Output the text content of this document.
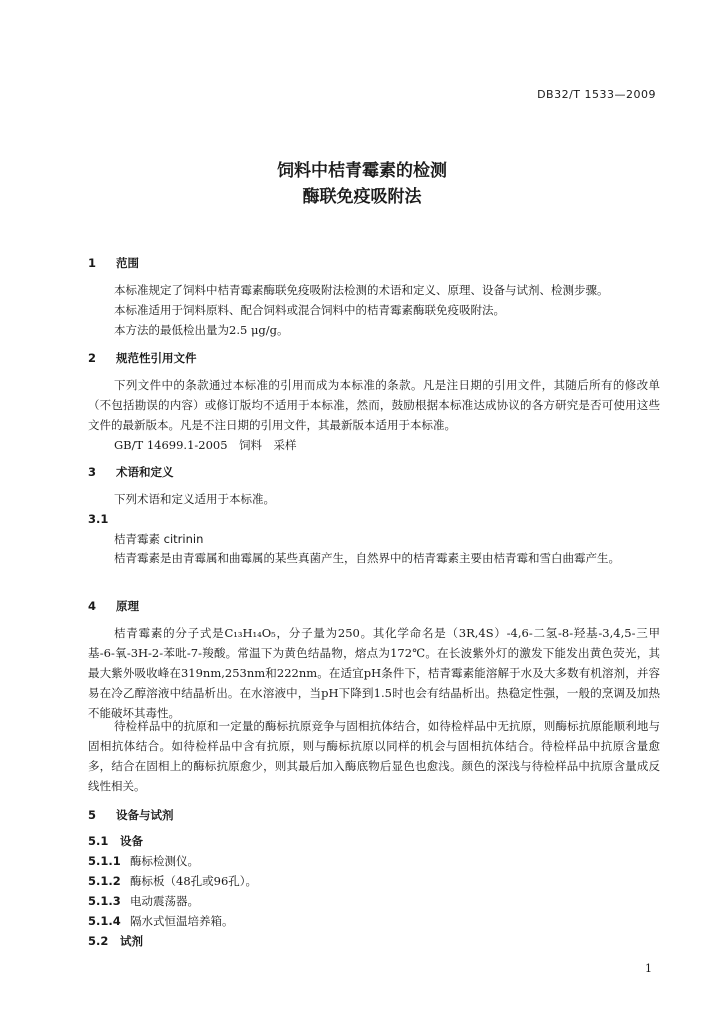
DB32/T 1533—2009
饲料中桔青霉素的检测
酶联免疫吸附法
1 范围
本标准规定了饲料中桔青霉素酶联免疫吸附法检测的术语和定义、原理、设备与试剂、检测步骤。
本标准适用于饲料原料、配合饲料或混合饲料中的桔青霉素酶联免疫吸附法。
本方法的最低检出量为2.5 μg/g。
2 规范性引用文件
下列文件中的条款通过本标准的引用而成为本标准的条款。凡是注日期的引用文件，其随后所有的修改单（不包括勘误的内容）或修订版均不适用于本标准，然而，鼓励根据本标准达成协议的各方研究是否可使用这些文件的最新版本。凡是不注日期的引用文件，其最新版本适用于本标准。
GB/T 14699.1-2005　饲料　采样
3 术语和定义
下列术语和定义适用于本标准。
3.1
桔青霉素 citrinin
桔青霉素是由青霉属和曲霉属的某些真菌产生，自然界中的桔青霉素主要由桔青霉和雪白曲霉产生。
4 原理
桔青霉素的分子式是C₁₃H₁₄O₅，分子量为250。其化学命名是（3R,4S）-4,6-二氢-8-羟基-3,4,5-三甲基-6-氧-3H-2-苯吡-7-羧酸。常温下为黄色结晶物，熔点为172℃。在长波紫外灯的激发下能发出黄色荧光，其最大紫外吸收峰在319nm,253nm和222nm。在适宜pH条件下，桔青霉素能溶解于水及大多数有机溶剂，并容易在冷乙醇溶液中结晶析出。在水溶液中，当pH下降到1.5时也会有结晶析出。热稳定性强，一般的烹调及加热不能破坏其毒性。
待检样品中的抗原和一定量的酶标抗原竞争与固相抗体结合，如待检样品中无抗原，则酶标抗原能顺利地与固相抗体结合。如待检样品中含有抗原，则与酶标抗原以同样的机会与固相抗体结合。待检样品中抗原含量愈多，结合在固相上的酶标抗原愈少，则其最后加入酶底物后显色也愈浅。颜色的深浅与待检样品中抗原含量成反线性相关。
5 设备与试剂
5.1 设备
5.1.1 酶标检测仪。
5.1.2 酶标板（48孔或96孔）。
5.1.3 电动震荡器。
5.1.4 隔水式恒温培养箱。
5.2 试剂
1
